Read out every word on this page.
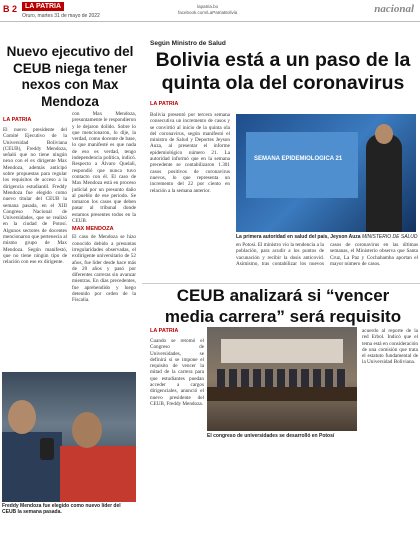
B 2	LA PATRIA
Oruro, martes 31 de mayo de 2022
lapatria.bo
facebook.com/LaPatriaBolivia	nacional
Nuevo ejecutivo del CEUB niega tener nexos con Max Mendoza
LA PATRIA

El nuevo presidente del Comité Ejecutivo de la Universidad Boliviana (CEUB), Freddy Mendoza, señaló que no tiene ningún nexo con el ex dirigente Max Mendoza, además anticipó sobre propuestas para regular los requisitos de acceso a la dirigencia estudiantil. Freddy Mendoza fue elegido como nuevo titular del CEUB la semana pasada, en el XIII Congreso Nacional de Universidades, que se realizó en la ciudad de Potosí. Algunos sectores de docentes mencionaron que pertenecía al mismo grupo de Max Mendoza. Según manifestó, que no tiene ningún tipo de relación con ese ex dirigente.

con Max Mendoza, presuntamente le respondieron y le dejaron dolido. Sobre lo que mencionaron, lo dije, la verdad, como docente de base, lo que manifesté es que nada de eso es verdad, tengo independencia política, indicó. Respecto a Álvaro Quelali, respondió que nunca tuvo contacto con él. El caso de Max Mendoza está en proceso judicial por un presunto daño al pueblo de ese periodo. Se tomaron los casos que deben pasar al tribunal donde estamos presentes todos en la CEUB.

MAX MENDOZA

El caso de Mendoza se hizo conocido debido a presuntas irregularidades observadas, el exdirigente universitario de 52 años, fue líder desde hace más de 20 años y pasó por diferentes carreras sin avanzar mientras. En días precedentes, fue aprehendido y luego detenido por orden de la Fiscalía.

Freddy Mendoza fue elegido como nuevo líder del CEUB la semana pasada.
Según Ministro de Salud
Bolivia está a un paso de la quinta ola del coronavirus
LA PATRIA

Bolivia presentó por tercera semana consecutiva un incremento de casos y se convirtió al inicio de la quinta ola del coronavirus, según manifestó el ministro de Salud y Deportes Jeyson Auza, al presentar el informe epidemiológico número 21. La autoridad informó que en la semana precedente se contabilizaron 1.301 casos positivos de coronavirus nuevos, lo que representa un incremento del 22 por ciento en relación a la semana anterior.

SEMANA EPIDEMIOLOGICA 21
La primera autoridad en salud del país, Jeyson Auza MINISTERIO DE SALUD

en Potosí. El ministro vio la tendencia a la población, para acudir a los puntos de vacunación y recibir la dosis anticovid. Asimismo, tras contabilizar los nuevos casos de coronavirus en las últimas semanas, el Ministerio observa que Santa Cruz, La Paz y Cochabamba aportan el mayor número de casos.

CEUB analizará si “vencer media carrera” será requisito
LA PATRIA

Cuando se retomó el Congreso de Universidades, se definirá si se impone el requisito de vencer la mitad de la carrera para que estudiantes puedan acceder a cargos dirigenciales, anunció el nuevo presidente del CEUB, Freddy Mendoza.

El congreso de universidades se desarrolló en Potosí

acuerdo al reporte de la red Erbol. Indicó que el tema está en consideración de una comisión que trata el estatuto fundamental de la Universidad Boliviana.
